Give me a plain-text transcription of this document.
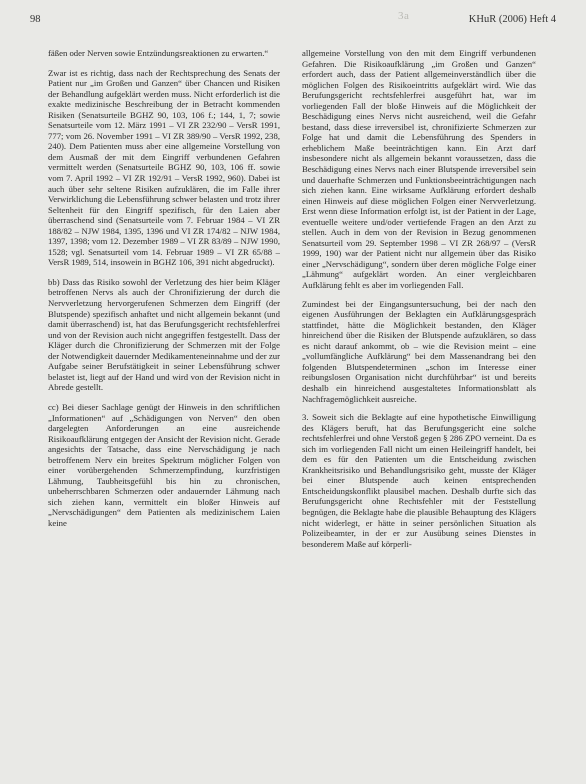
98	KHuR (2006) Heft 4
3a

fäßen oder Nerven sowie Entzündungsreaktionen zu erwarten.“

Zwar ist es richtig, dass nach der Rechtsprechung des Senats der Patient nur „im Großen und Ganzen“ über Chancen und Risiken der Behandlung aufgeklärt werden muss. Nicht erforderlich ist die exakte medizinische Beschreibung der in Betracht kommenden Risiken (Senatsurteile BGHZ 90, 103, 106 f.; 144, 1, 7; sowie Senatsurteile vom 12. März 1991 – VI ZR 232/90 – VersR 1991, 777; vom 26. November 1991 – VI ZR 389/90 – VersR 1992, 238, 240). Dem Patienten muss aber eine allgemeine Vorstellung von dem Ausmaß der mit dem Eingriff verbundenen Gefahren vermittelt werden (Senatsurteile BGHZ 90, 103, 106 ff. sowie vom 7. April 1992 – VI ZR 192/91 – VersR 1992, 960). Dabei ist auch über sehr seltene Risiken aufzuklären, die im Falle ihrer Verwirklichung die Lebensführung schwer belasten und trotz ihrer Seltenheit für den Eingriff spezifisch, für den Laien aber überraschend sind (Senatsurteile vom 7. Februar 1984 – VI ZR 188/82 – NJW 1984, 1395, 1396 und VI ZR 174/82 – NJW 1984, 1397, 1398; vom 12. Dezember 1989 – VI ZR 83/89 – NJW 1990, 1528; vgl. Senatsurteil vom 14. Februar 1989 – VI ZR 65/88 – VersR 1989, 514, insowein in BGHZ 106, 391 nicht abgedruckt).

bb) Dass das Risiko sowohl der Verletzung des hier beim Kläger betroffenen Nervs als auch der Chronifizierung der durch die Nervverletzung hervorgerufenen Schmerzen dem Eingriff (der Blutspende) spezifisch anhaftet und nicht allgemein bekannt (und damit überraschend) ist, hat das Berufungsgericht rechtsfehlerfrei und von der Revision auch nicht angegriffen festgestellt. Dass der Kläger durch die Chronifizierung der Schmerzen mit der Folge der Notwendigkeit dauernder Medikamenteneinnahme und der zur Aufgabe seiner Berufstätigkeit in seiner Lebensführung schwer belastet ist, liegt auf der Hand und wird von der Revision nicht in Abrede gestellt.

cc) Bei dieser Sachlage genügt der Hinweis in den schriftlichen „Informationen“ auf „Schädigungen von Nerven“ den oben dargelegten Anforderungen an eine ausreichende Risikoaufklärung entgegen der Ansicht der Revision nicht. Gerade angesichts der Tatsache, dass eine Nervschädigung je nach betroffenem Nerv ein breites Spektrum möglicher Folgen von einer vorübergehenden Schmerzempfindung, kurzfristigen Lähmung, Taubheitsgefühl bis hin zu chronischen, unbeherrschbaren Schmerzen oder andauernder Lähmung nach sich ziehen kann, vermittelt ein bloßer Hinweis auf „Nervschädigungen“ dem Patienten als medizinischem Laien keine

allgemeine Vorstellung von den mit dem Eingriff verbundenen Gefahren. Die Risikoaufklärung „im Großen und Ganzen“ erfordert auch, dass der Patient allgemeinverständlich über die möglichen Folgen des Risikoeintritts aufgeklärt wird. Wie das Berufungsgericht rechtsfehlerfrei ausgeführt hat, war im vorliegenden Fall der bloße Hinweis auf die Möglichkeit der Beschädigung eines Nervs nicht ausreichend, weil die Gefahr bestand, dass diese irreversibel ist, chronifizierte Schmerzen zur Folge hat und damit die Lebensführung des Spenders in erheblichem Maße beeinträchtigen kann. Ein Arzt darf insbesondere nicht als allgemein bekannt voraussetzen, dass die Beschädigung eines Nervs nach einer Blutspende irreversibel sein und dauerhafte Schmerzen und Funktionsbeeinträchtigungen nach sich ziehen kann. Eine wirksame Aufklärung erfordert deshalb einen Hinweis auf diese möglichen Folgen einer Nervverletzung. Erst wenn diese Information erfolgt ist, ist der Patient in der Lage, eventuelle weitere und/oder vertiefende Fragen an den Arzt zu stellen. Auch in dem von der Revision in Bezug genommenen Senatsurteil vom 29. September 1998 – VI ZR 268/97 – (VersR 1999, 190) war der Patient nicht nur allgemein über das Risiko einer „Nervschädigung“, sondern über deren mögliche Folge einer „Lähmung“ aufgeklärt worden. An einer vergleichbaren Aufklärung fehlt es aber im vorliegenden Fall.

Zumindest bei der Eingangsuntersuchung, bei der nach den eigenen Ausführungen der Beklagten ein Aufklärungsgespräch stattfindet, hätte die Möglichkeit bestanden, den Kläger hinreichend über die Risiken der Blutspende aufzuklären, so dass es nicht darauf ankommt, ob – wie die Revision meint – eine „vollumfängliche Aufklärung“ bei dem Massenandrang bei den folgenden Blutspendeterminen „schon im Interesse einer reibungslosen Organisation nicht durchführbar“ ist und bereits deshalb ein hinreichend ausgestaltetes Informationsblatt als Nachfragemöglichkeit ausreiche.

3. Soweit sich die Beklagte auf eine hypothetische Einwilligung des Klägers beruft, hat das Berufungsgericht eine solche rechtsfehlerfrei und ohne Verstoß gegen § 286 ZPO verneint. Da es sich im vorliegenden Fall nicht um einen Heileingriff handelt, bei dem es für den Patienten um die Entscheidung zwischen Krankheitsrisiko und Behandlungsrisiko geht, musste der Kläger bei einer Blutspende auch keinen entsprechenden Entscheidungskonflikt plausibel machen. Deshalb durfte sich das Berufungsgericht ohne Rechtsfehler mit der Feststellung begnügen, die Beklagte habe die plausible Behauptung des Klägers nicht widerlegt, er hätte in seiner persönlichen Situation als Polizeibeamter, in der er zur Ausübung seines Dienstes in besonderem Maße auf körperli-
